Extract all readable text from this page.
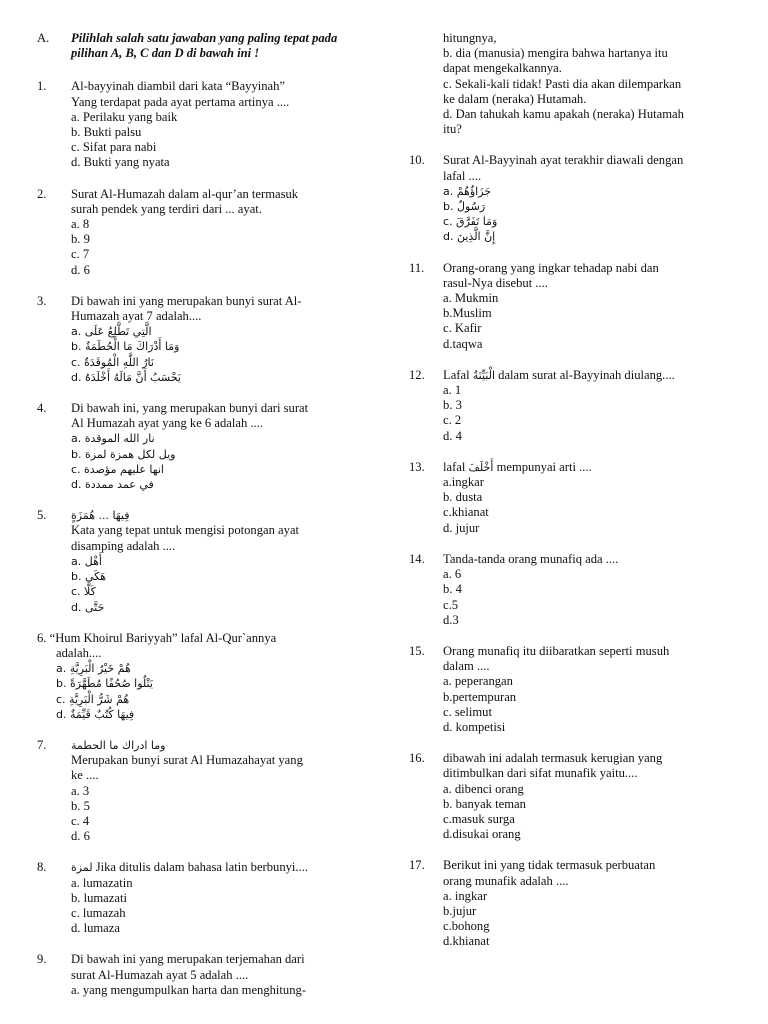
A. Pilihlah salah satu jawaban yang paling tepat pada pilihan A, B, C dan D di bawah ini !
1. Al-bayyinah diambil dari kata “Bayyinah”
Yang terdapat pada ayat pertama artinya ....
a. Perilaku yang baik
b. Bukti palsu
c. Sifat para nabi
d. Bukti yang nyata
2. Surat Al-Humazah dalam al-qur’an termasuk
surah pendek yang terdiri dari ... ayat.
a. 8
b. 9
c. 7
d. 6
3. Di bawah ini yang merupakan bunyi surat Al-
Humazah ayat 7 adalah....
a. الَّتِي تَطَّلِعُ عَلَى
b. وَمَا أَدْرَاكَ مَا الْحُطَمَةُ
c. نَارُ اللَّهِ الْمُوقَدَةُ
d. يَحْسَبُ أَنَّ مَالَهُ أَخْلَدَهُ
4. Di bawah ini, yang merupakan bunyi dari surat
Al Humazah ayat yang ke 6 adalah ....
a. نار الله الموقدة
b. ويل لكل همزة لمزة
c. انها عليهم مؤصدة
d. في عمد ممددة
5. فِيهَا ... هُمَزَةٍ
Kata yang tepat untuk mengisi potongan ayat
disamping adalah ....
a. أَهْل
b. هَكَى
c. كَلَّا
d. حَتَّى
6. “Hum Khoirul Bariyyah” lafal Al-Qur`annya
adalah....
a. هُمْ خَيْرُ الْبَرِيَّةِ
b. يَتْلُوا صُحُفًا مُطَهَّرَةً
c. هُمْ شَرُّ الْبَرِيَّةِ
d. فِيهَا كُتُبٌ قَيِّمَةٌ
7. وما ادراك ما الحطمة
Merupakan bunyi surat Al Humazahayat yang
ke ....
a. 3
b. 5
c. 4
d. 6
8. لمزة Jika ditulis dalam bahasa latin berbunyi....
a. lumazatin
b. lumazati
c. lumazah
d. lumaza
9. Di bawah ini yang merupakan terjemahan dari
surat Al-Humazah ayat 5 adalah ....
a. yang mengumpulkan harta dan menghitung-
hitungnya,
b. dia (manusia) mengira bahwa hartanya itu
dapat mengekalkannya.
c. Sekali-kali tidak! Pasti dia akan dilemparkan
ke dalam (neraka) Hutamah.
d. Dan tahukah kamu apakah (neraka) Hutamah
itu?
10. Surat Al-Bayyinah ayat terakhir diawali dengan
lafal ....
a. جَزَاؤُهُمْ
b. رَسُولٌ
c. وَمَا تَفَرَّقَ
d. إِنَّ الَّذِينَ
11. Orang-orang yang ingkar tehadap nabi dan
rasul-Nya disebut ....
a. Mukmin
b.Muslim
c. Kafir
d.taqwa
12. Lafal الْبَيِّنَةُ dalam surat al-Bayyinah diulang....
a. 1
b. 3
c. 2
d. 4
13. lafal أَخْلَفَ mempunyai arti ....
a.ingkar
b. dusta
c.khianat
d. jujur
14. Tanda-tanda orang munafiq ada ....
a. 6
b. 4
c.5
d.3
15. Orang munafiq itu diibaratkan seperti musuh
dalam ....
a. peperangan
b.pertempuran
c. selimut
d. kompetisi
16. dibawah ini adalah termasuk kerugian yang
ditimbulkan dari sifat munafik yaitu....
a. dibenci orang
b. banyak teman
c.masuk surga
d.disukai orang
17. Berikut ini yang tidak termasuk perbuatan
orang munafik adalah ....
a. ingkar
b.jujur
c.bohong
d.khianat
